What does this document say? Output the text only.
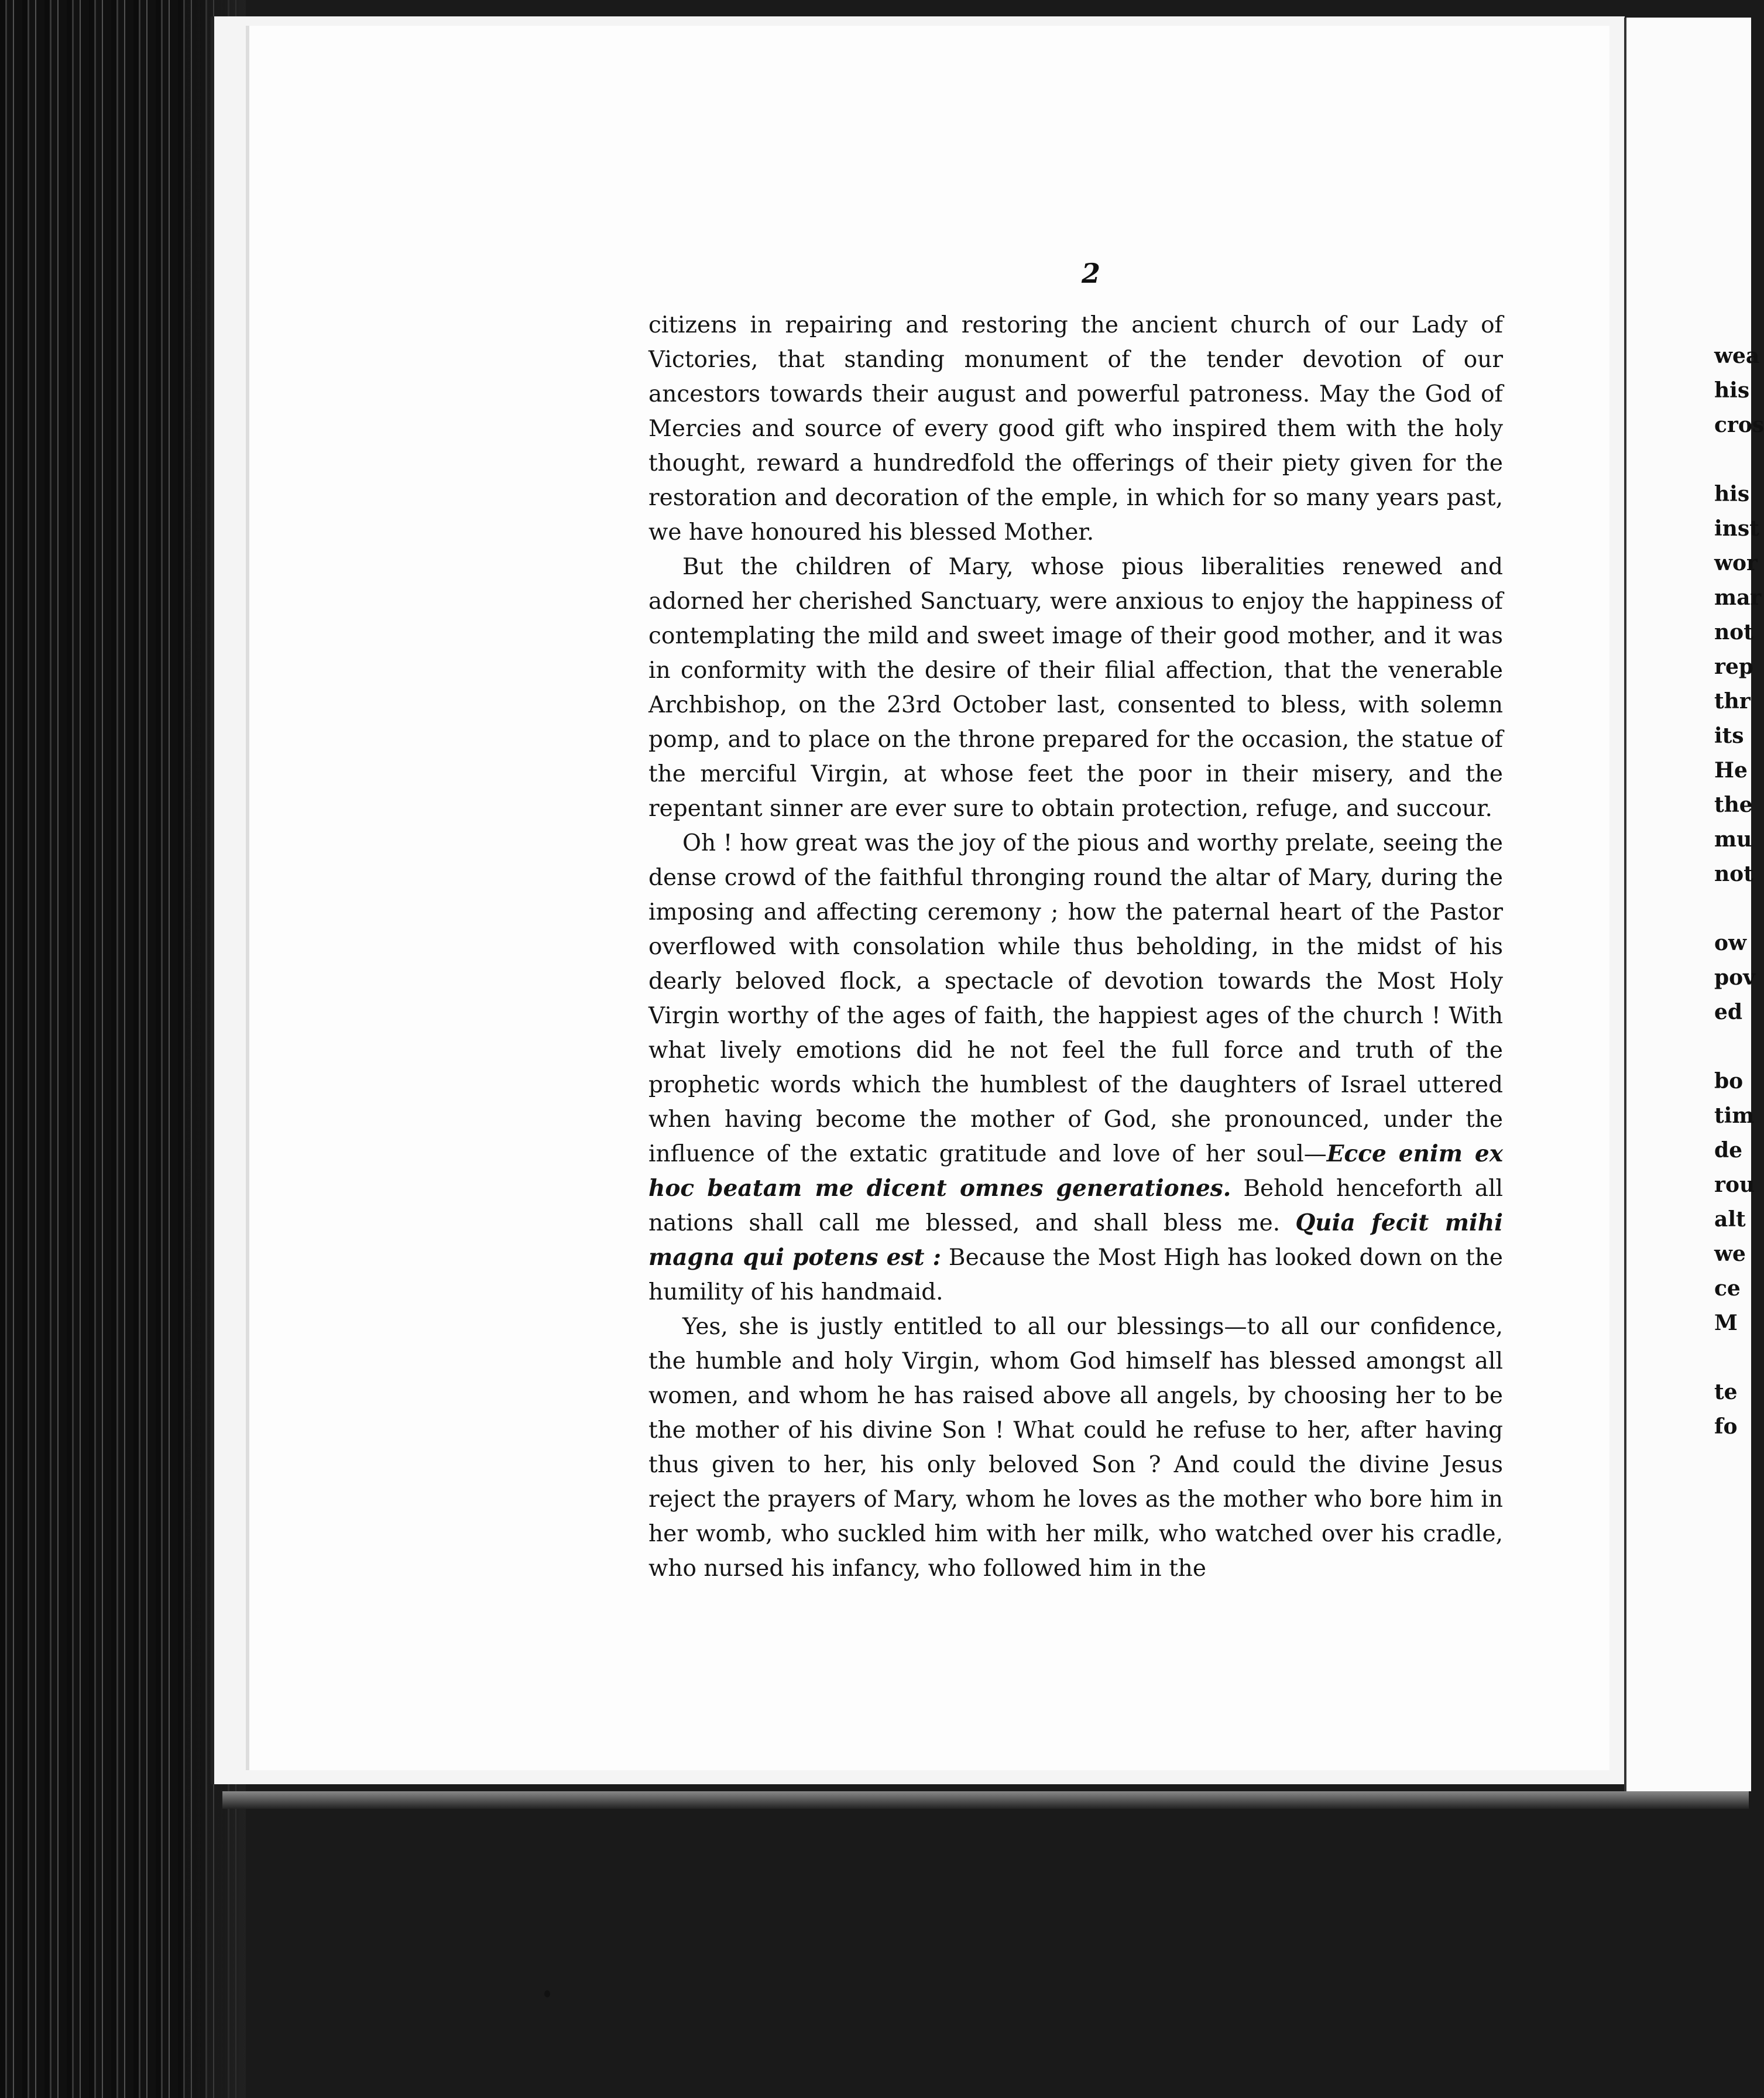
2

citizens in repairing and restoring the ancient church of our Lady of Victories, that standing monument of the tender devotion of our ancestors towards their august and powerful patroness. May the God of Mercies and source of every good gift who inspired them with the holy thought, reward a hundredfold the offerings of their piety given for the restoration and decoration of the emple, in which for so many years past, we have honoured his blessed Mother.

But the children of Mary, whose pious liberalities renewed and adorned her cherished Sanctuary, were anxious to enjoy the happiness of contemplating the mild and sweet image of their good mother, and it was in conformity with the desire of their filial affection, that the venerable Archbishop, on the 23rd October last, consented to bless, with solemn pomp, and to place on the throne prepared for the occasion, the statue of the merciful Virgin, at whose feet the poor in their misery, and the repentant sinner are ever sure to obtain protection, refuge, and succour.

Oh ! how great was the joy of the pious and worthy prelate, seeing the dense crowd of the faithful thronging round the altar of Mary, during the imposing and affecting ceremony ; how the paternal heart of the Pastor overflowed with consolation while thus beholding, in the midst of his dearly beloved flock, a spectacle of devotion towards the Most Holy Virgin worthy of the ages of faith, the happiest ages of the church ! With what lively emotions did he not feel the full force and truth of the prophetic words which the humblest of the daughters of Israel uttered when having become the mother of God, she pronounced, under the influence of the extatic gratitude and love of her soul—Ecce enim ex hoc beatam me dicent omnes generationes. Behold henceforth all nations shall call me blessed, and shall bless me. Quia fecit mihi magna qui potens est : Because the Most High has looked down on the humility of his handmaid.

Yes, she is justly entitled to all our blessings—to all our confidence, the humble and holy Virgin, whom God himself has blessed amongst all women, and whom he has raised above all angels, by choosing her to be the mother of his divine Son ! What could he refuse to her, after having thus given to her, his only beloved Son ? And could the divine Jesus reject the prayers of Mary, whom he loves as the mother who bore him in her womb, who suckled him with her milk, who watched over his cradle, who nursed his infancy, who followed him in the

wea
his
cros
his
inst
wor
mar
not
rep
thr
its
He
the
mu
not
ow
pov
ed
bo
tim
de
rou
alt
we
ce
M
te
fo
